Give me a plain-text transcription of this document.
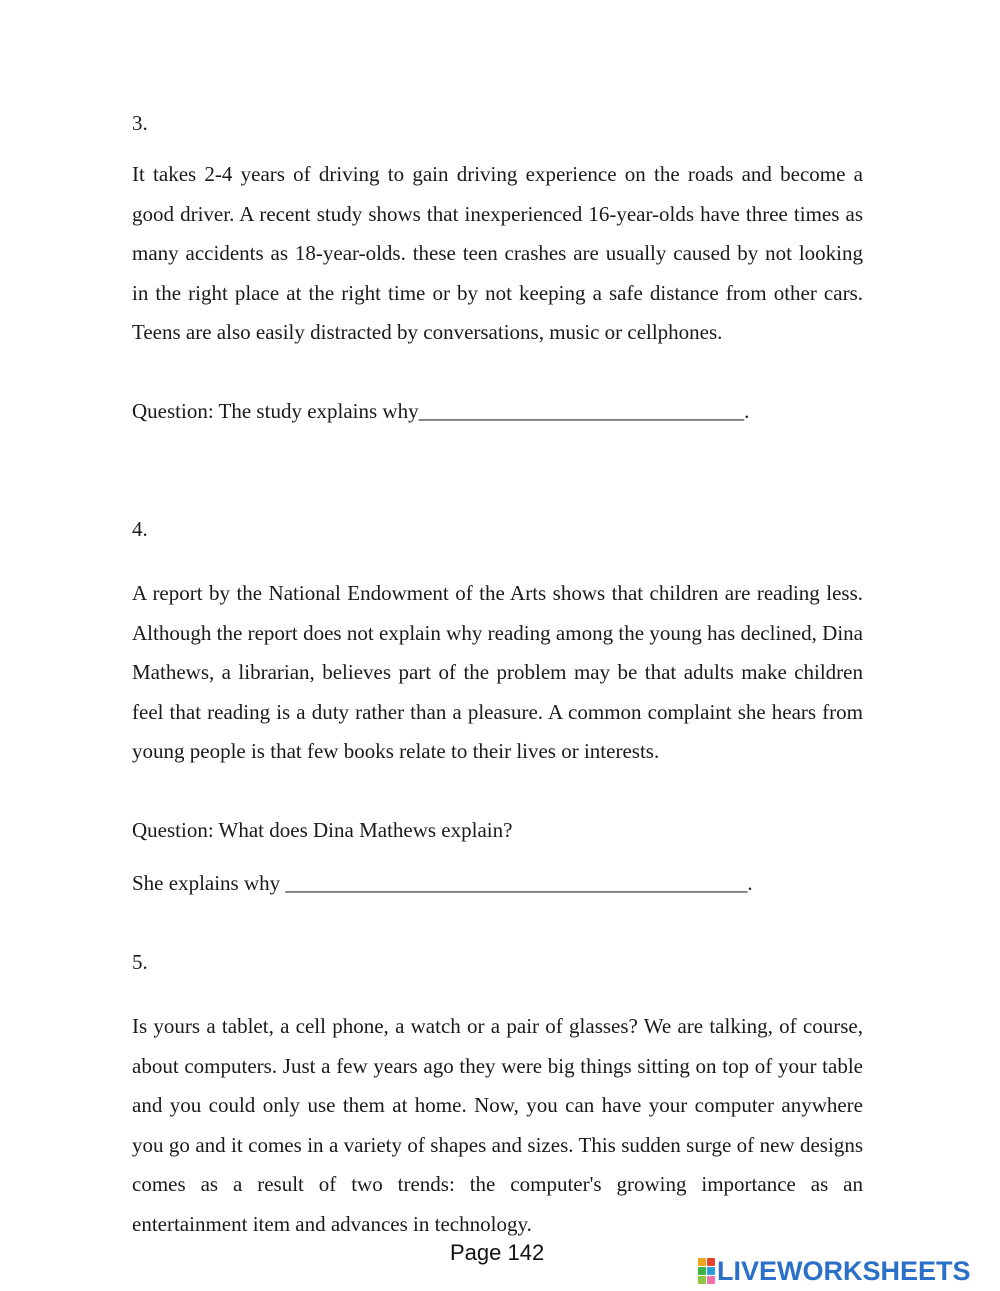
3.

It takes 2-4 years of driving to gain driving experience on the roads and become a good driver. A recent study shows that inexperienced 16-year-olds have three times as many accidents as 18-year-olds. these teen crashes are usually caused by not looking in the right place at the right time or by not keeping a safe distance from other cars. Teens are also easily distracted by conversations, music or cellphones.

Question: The study explains why_______________________________.
4.

A report by the National Endowment of the Arts shows that children are reading less. Although the report does not explain why reading among the young has declined, Dina Mathews, a librarian, believes part of the problem may be that adults make children feel that reading is a duty rather than a pleasure. A common complaint she hears from young people is that few books relate to their lives or interests.

Question: What does Dina Mathews explain?
She explains why ____________________________________________.
5.

Is yours a tablet, a cell phone, a watch or a pair of glasses? We are talking, of course, about computers. Just a few years ago they were big things sitting on top of your table and you could only use them at home. Now, you can have your computer anywhere you go and it comes in a variety of shapes and sizes. This sudden surge of new designs comes as a result of two trends: the computer's growing importance as an entertainment item and advances in technology.

Page 142
LIVEWORKSHEETS
